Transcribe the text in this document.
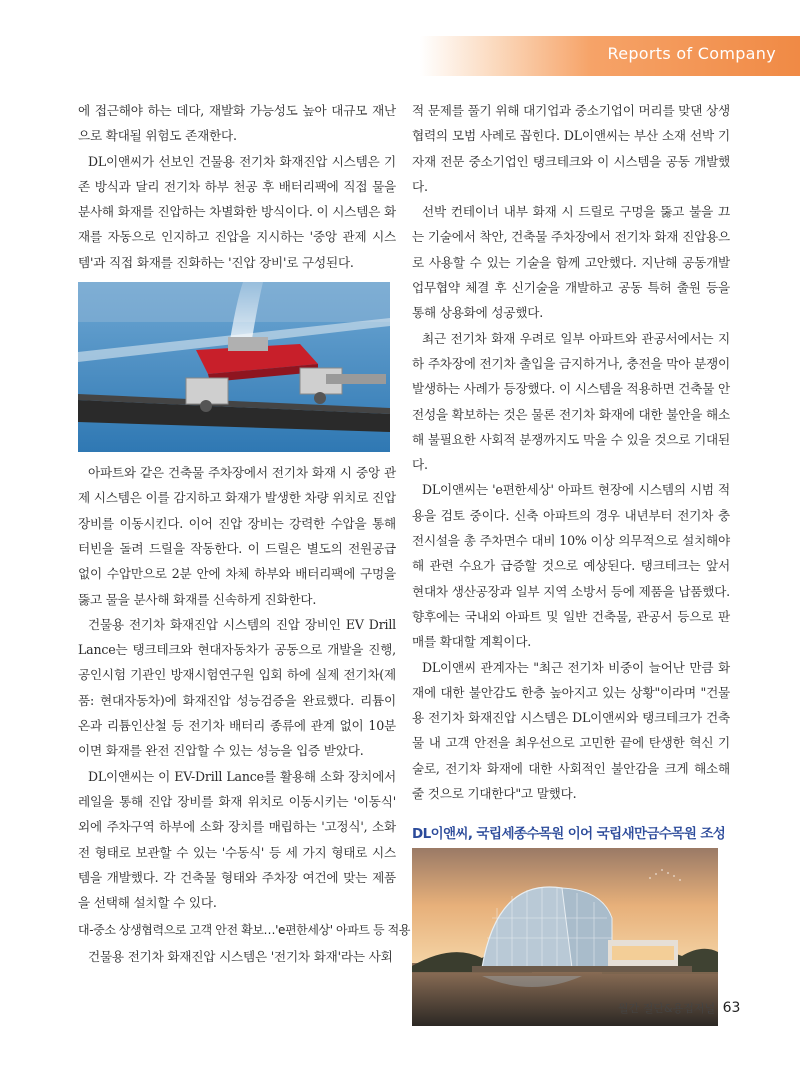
Reports of Company

에 접근해야 하는 데다, 재발화 가능성도 높아 대규모 재난으로 확대될 위험도 존재한다.

DL이앤씨가 선보인 건물용 전기차 화재진압 시스템은 기존 방식과 달리 전기차 하부 천공 후 배터리팩에 직접 물을 분사해 화재를 진압하는 차별화한 방식이다. 이 시스템은 화재를 자동으로 인지하고 진압을 지시하는 '중앙 관제 시스템'과 직접 화재를 진화하는 '진압 장비'로 구성된다.

아파트와 같은 건축물 주차장에서 전기차 화재 시 중앙 관제 시스템은 이를 감지하고 화재가 발생한 차량 위치로 진압 장비를 이동시킨다. 이어 진압 장비는 강력한 수압을 통해 터빈을 돌려 드릴을 작동한다. 이 드릴은 별도의 전원공급 없이 수압만으로 2분 안에 차체 하부와 배터리팩에 구멍을 뚫고 물을 분사해 화재를 신속하게 진화한다.

건물용 전기차 화재진압 시스템의 진압 장비인 EV Drill Lance는 탱크테크와 현대자동차가 공동으로 개발을 진행, 공인시험 기관인 방재시험연구원 입회 하에 실제 전기차(제품: 현대자동차)에 화재진압 성능검증을 완료했다. 리튬이온과 리튬인산철 등 전기차 배터리 종류에 관계 없이 10분이면 화재를 완전 진압할 수 있는 성능을 입증 받았다.

DL이앤씨는 이 EV-Drill Lance를 활용해 소화 장치에서 레일을 통해 진압 장비를 화재 위치로 이동시키는 '이동식' 외에 주차구역 하부에 소화 장치를 매립하는 '고정식', 소화전 형태로 보관할 수 있는 '수동식' 등 세 가지 형태로 시스템을 개발했다. 각 건축물 형태와 주차장 여건에 맞는 제품을 선택해 설치할 수 있다.

대-중소 상생협력으로 고객 안전 확보…'e편한세상' 아파트 등 적용

건물용 전기차 화재진압 시스템은 '전기차 화재'라는 사회

적 문제를 풀기 위해 대기업과 중소기업이 머리를 맞댄 상생 협력의 모범 사례로 꼽힌다. DL이앤씨는 부산 소재 선박 기자재 전문 중소기업인 탱크테크와 이 시스템을 공동 개발했다.

선박 컨테이너 내부 화재 시 드릴로 구멍을 뚫고 불을 끄는 기술에서 착안, 건축물 주차장에서 전기차 화재 진압용으로 사용할 수 있는 기술을 함께 고안했다. 지난해 공동개발 업무협약 체결 후 신기술을 개발하고 공동 특허 출원 등을 통해 상용화에 성공했다.

최근 전기차 화재 우려로 일부 아파트와 관공서에서는 지하 주차장에 전기차 출입을 금지하거나, 충전을 막아 분쟁이 발생하는 사례가 등장했다. 이 시스템을 적용하면 건축물 안전성을 확보하는 것은 물론 전기차 화재에 대한 불안을 해소해 불필요한 사회적 분쟁까지도 막을 수 있을 것으로 기대된다.

DL이앤씨는 'e편한세상' 아파트 현장에 시스템의 시범 적용을 검토 중이다. 신축 아파트의 경우 내년부터 전기차 충전시설을 총 주차면수 대비 10% 이상 의무적으로 설치해야 해 관련 수요가 급증할 것으로 예상된다. 탱크테크는 앞서 현대차 생산공장과 일부 지역 소방서 등에 제품을 납품했다. 향후에는 국내외 아파트 및 일반 건축물, 관공서 등으로 판매를 확대할 계획이다.

DL이앤씨 관계자는 "최근 전기차 비중이 늘어난 만큼 화재에 대한 불안감도 한층 높아지고 있는 상황"이라며 "건물용 전기차 화재진압 시스템은 DL이앤씨와 탱크테크가 건축물 내 고객 안전을 최우선으로 고민한 끝에 탄생한 혁신 기술로, 전기차 화재에 대한 사회적인 불안감을 크게 해소해 줄 것으로 기대한다"고 말했다.

DL이앤씨, 국립세종수목원 이어 국립새만금수목원 조성
월간 절단&용접저널 63
